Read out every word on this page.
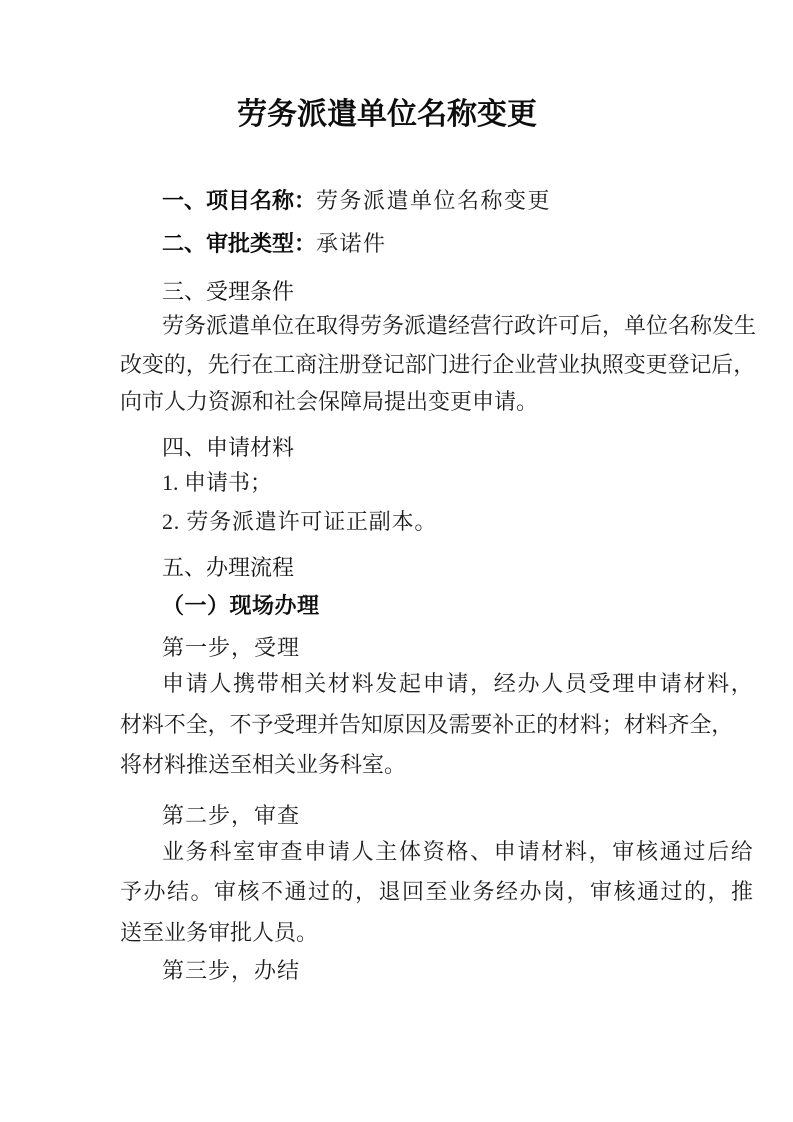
劳务派遣单位名称变更
一、项目名称：劳务派遣单位名称变更
二、审批类型：承诺件
三、受理条件
劳务派遣单位在取得劳务派遣经营行政许可后，单位名称发生
改变的，先行在工商注册登记部门进行企业营业执照变更登记后，
向市人力资源和社会保障局提出变更申请。
四、申请材料
1. 申请书；
2. 劳务派遣许可证正副本。
五、办理流程
（一）现场办理
第一步，受理
申请人携带相关材料发起申请，经办人员受理申请材料，
材料不全，不予受理并告知原因及需要补正的材料；材料齐全，
将材料推送至相关业务科室。
第二步，审查
业务科室审查申请人主体资格、申请材料，审核通过后给
予办结。审核不通过的，退回至业务经办岗，审核通过的，推
送至业务审批人员。
第三步，办结
